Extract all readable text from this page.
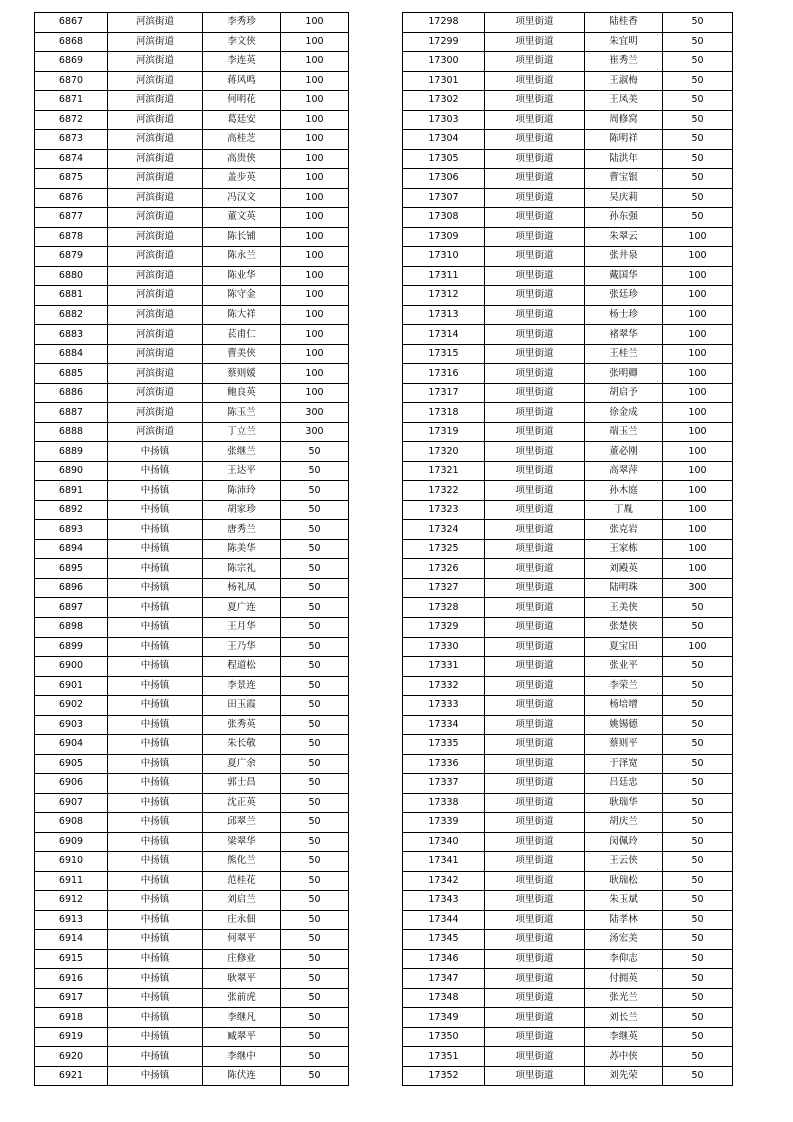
6867	河滨街道	李秀珍	100
6868	河滨街道	李文侠	100
6869	河滨街道	李连英	100
6870	河滨街道	蒋风鸣	100
6871	河滨街道	何明花	100
6872	河滨街道	葛廷安	100
6873	河滨街道	高桂芝	100
6874	河滨街道	高贵侠	100
6875	河滨街道	盖步英	100
6876	河滨街道	冯汉文	100
6877	河滨街道	董文英	100
6878	河滨街道	陈长铺	100
6879	河滨街道	陈永兰	100
6880	河滨街道	陈业华	100
6881	河滨街道	陈守金	100
6882	河滨街道	陈大祥	100
6883	河滨街道	苌甫仁	100
6884	河滨街道	曹美侠	100
6885	河滨街道	蔡则媛	100
6886	河滨街道	鲍良英	100
6887	河滨街道	陈玉兰	300
6888	河滨街道	丁立兰	300
6889	中扬镇	张继兰	50
6890	中扬镇	王达平	50
6891	中扬镇	陈沛玲	50
6892	中扬镇	胡家珍	50
6893	中扬镇	唐秀兰	50
6894	中扬镇	陈美华	50
6895	中扬镇	陈宗礼	50
6896	中扬镇	杨礼凤	50
6897	中扬镇	夏广连	50
6898	中扬镇	王月华	50
6899	中扬镇	王乃华	50
6900	中扬镇	程道松	50
6901	中扬镇	李景连	50
6902	中扬镇	田玉霞	50
6903	中扬镇	张秀英	50
6904	中扬镇	朱长敬	50
6905	中扬镇	夏广余	50
6906	中扬镇	郭士昌	50
6907	中扬镇	沈正英	50
6908	中扬镇	邱翠兰	50
6909	中扬镇	梁翠华	50
6910	中扬镇	熊化兰	50
6911	中扬镇	范桂花	50
6912	中扬镇	刘启兰	50
6913	中扬镇	庄永佃	50
6914	中扬镇	何翠平	50
6915	中扬镇	庄修业	50
6916	中扬镇	耿翠平	50
6917	中扬镇	张前虎	50
6918	中扬镇	李继凡	50
6919	中扬镇	臧翠平	50
6920	中扬镇	李继中	50
6921	中扬镇	陈伏连	50
17298	项里街道	陆桂香	50
17299	项里街道	朱宜明	50
17300	项里街道	崔秀兰	50
17301	项里街道	王淑梅	50
17302	项里街道	王凤美	50
17303	项里街道	周修窝	50
17304	项里街道	陈明祥	50
17305	项里街道	陆洪年	50
17306	项里街道	曹宝银	50
17307	项里街道	吴庆莉	50
17308	项里街道	孙东强	50
17309	项里街道	朱翠云	100
17310	项里街道	张井泉	100
17311	项里街道	戴国华	100
17312	项里街道	张廷珍	100
17313	项里街道	杨士珍	100
17314	项里街道	褚翠华	100
17315	项里街道	王桂兰	100
17316	项里街道	张明卿	100
17317	项里街道	胡启予	100
17318	项里街道	徐金成	100
17319	项里街道	端玉兰	100
17320	项里街道	董必刚	100
17321	项里街道	高翠萍	100
17322	项里街道	孙木庭	100
17323	项里街道	丁胤	100
17324	项里街道	张克岩	100
17325	项里街道	王家栋	100
17326	项里街道	刘殿英	100
17327	项里街道	陆明珠	300
17328	项里街道	王美侠	50
17329	项里街道	张楚侠	50
17330	项里街道	夏宝田	100
17331	项里街道	张业平	50
17332	项里街道	李荣兰	50
17333	项里街道	杨培增	50
17334	项里街道	姚锡德	50
17335	项里街道	蔡则平	50
17336	项里街道	于泽宽	50
17337	项里街道	吕廷忠	50
17338	项里街道	耿瑞华	50
17339	项里街道	胡庆兰	50
17340	项里街道	闵佩玲	50
17341	项里街道	王云侠	50
17342	项里街道	耿瑞松	50
17343	项里街道	朱玉斌	50
17344	项里街道	陆孝林	50
17345	项里街道	汤宏美	50
17346	项里街道	李仰志	50
17347	项里街道	付拥英	50
17348	项里街道	张光兰	50
17349	项里街道	刘长兰	50
17350	项里街道	李继英	50
17351	项里街道	苏中侠	50
17352	项里街道	刘先荣	50
